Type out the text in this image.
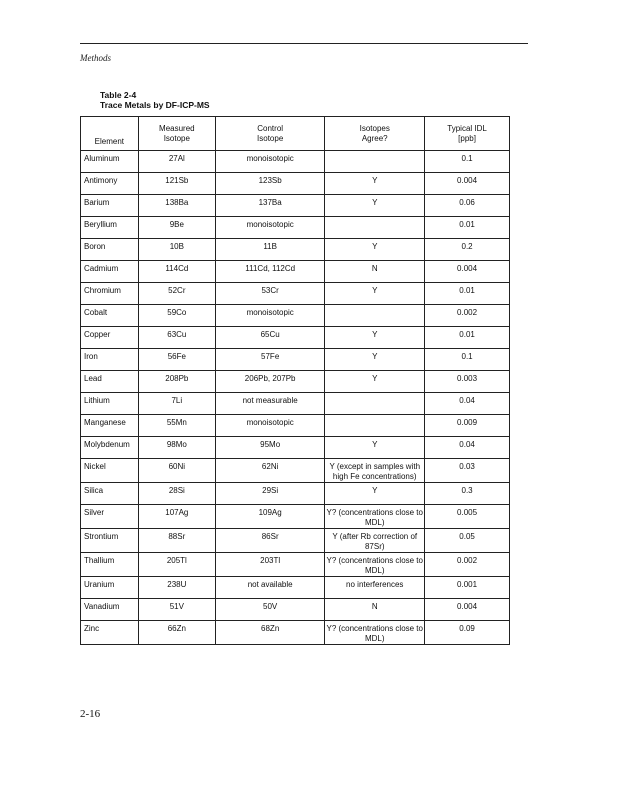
Methods
Table 2-4
Trace Metals by DF-ICP-MS
Element	Measured Isotope	Control Isotope	Isotopes Agree?	Typical IDL [ppb]
Aluminum	27Al	monoisotopic		0.1
Antimony	121Sb	123Sb	Y	0.004
Barium	138Ba	137Ba	Y	0.06
Beryllium	9Be	monoisotopic		0.01
Boron	10B	11B	Y	0.2
Cadmium	114Cd	111Cd, 112Cd	N	0.004
Chromium	52Cr	53Cr	Y	0.01
Cobalt	59Co	monoisotopic		0.002
Copper	63Cu	65Cu	Y	0.01
Iron	56Fe	57Fe	Y	0.1
Lead	208Pb	206Pb, 207Pb	Y	0.003
Lithium	7Li	not measurable		0.04
Manganese	55Mn	monoisotopic		0.009
Molybdenum	98Mo	95Mo	Y	0.04
Nickel	60Ni	62Ni	Y (except in samples with high Fe concentrations)	0.03
Silica	28Si	29Si	Y	0.3
Silver	107Ag	109Ag	Y? (concentrations close to MDL)	0.005
Strontium	88Sr	86Sr	Y (after Rb correction of 87Sr)	0.05
Thallium	205Tl	203Tl	Y? (concentrations close to MDL)	0.002
Uranium	238U	not available	no interferences	0.001
Vanadium	51V	50V	N	0.004
Zinc	66Zn	68Zn	Y? (concentrations close to MDL)	0.09
2-16
